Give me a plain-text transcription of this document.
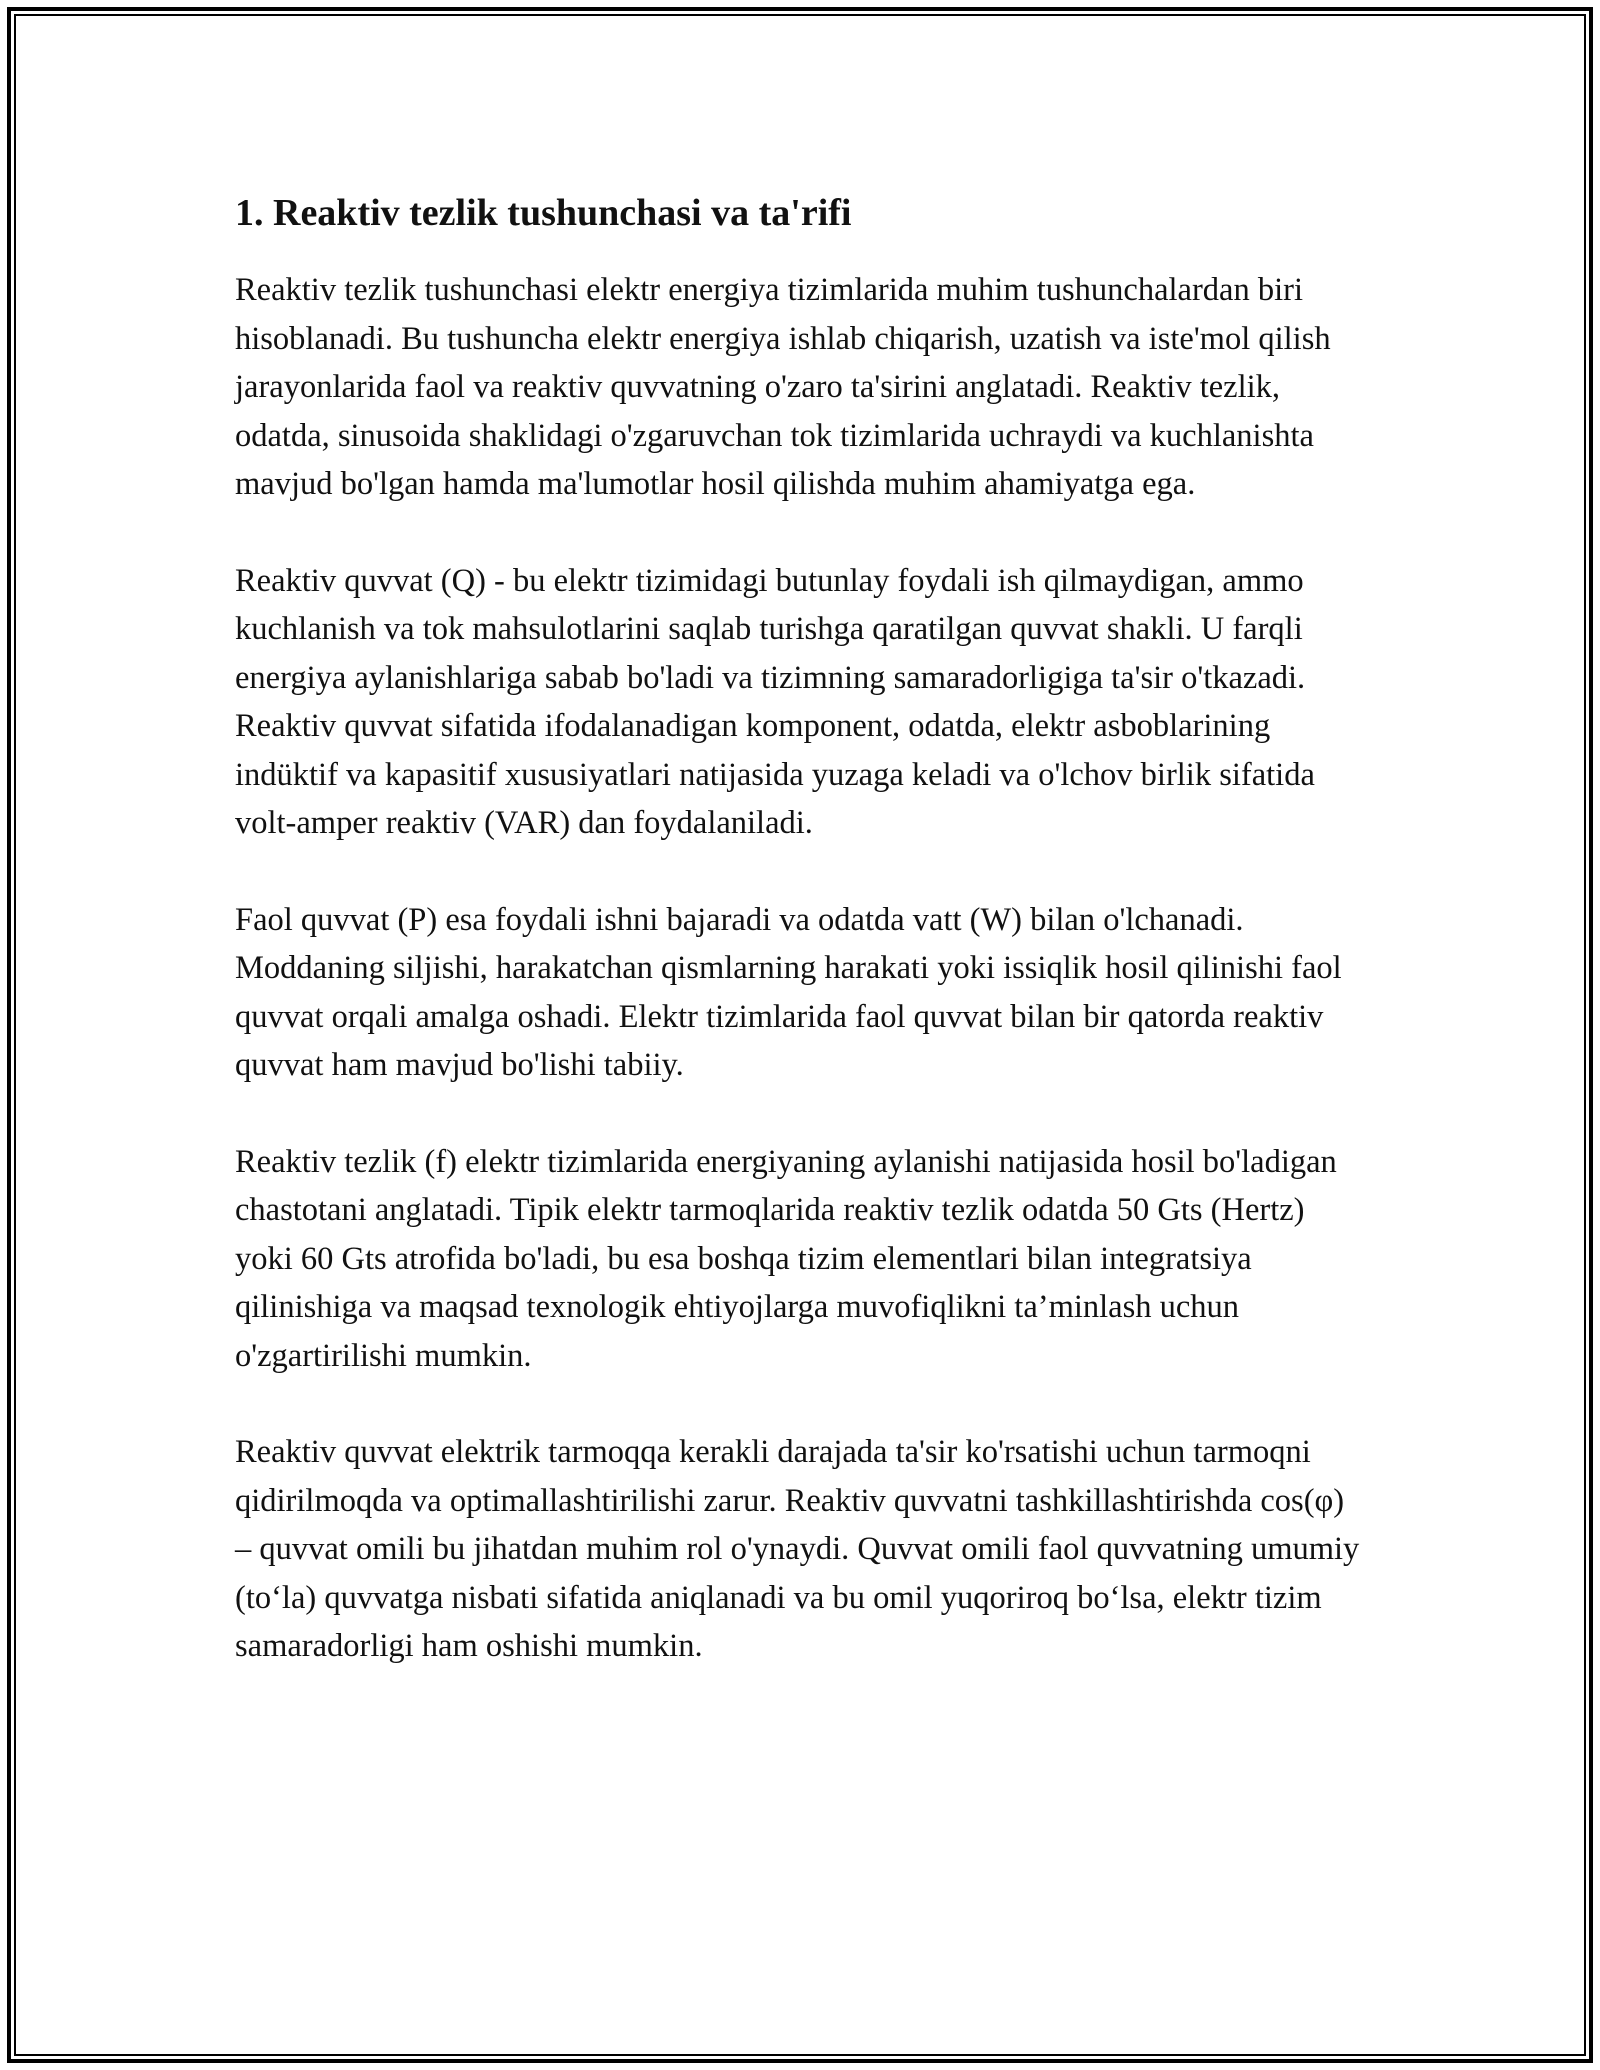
1. Reaktiv tezlik tushunchasi va ta'rifi

Reaktiv tezlik tushunchasi elektr energiya tizimlarida muhim tushunchalardan biri hisoblanadi. Bu tushuncha elektr energiya ishlab chiqarish, uzatish va iste'mol qilish jarayonlarida faol va reaktiv quvvatning o'zaro ta'sirini anglatadi. Reaktiv tezlik, odatda, sinusoida shaklidagi o'zgaruvchan tok tizimlarida uchraydi va kuchlanishta mavjud bo'lgan hamda ma'lumotlar hosil qilishda muhim ahamiyatga ega.

Reaktiv quvvat (Q) - bu elektr tizimidagi butunlay foydali ish qilmaydigan, ammo kuchlanish va tok mahsulotlarini saqlab turishga qaratilgan quvvat shakli. U farqli energiya aylanishlariga sabab bo'ladi va tizimning samaradorligiga ta'sir o'tkazadi. Reaktiv quvvat sifatida ifodalanadigan komponent, odatda, elektr asboblarining indüktif va kapasitif xususiyatlari natijasida yuzaga keladi va o'lchov birlik sifatida volt-amper reaktiv (VAR) dan foydalaniladi.

Faol quvvat (P) esa foydali ishni bajaradi va odatda vatt (W) bilan o'lchanadi. Moddaning siljishi, harakatchan qismlarning harakati yoki issiqlik hosil qilinishi faol quvvat orqali amalga oshadi. Elektr tizimlarida faol quvvat bilan bir qatorda reaktiv quvvat ham mavjud bo'lishi tabiiy.

Reaktiv tezlik (f) elektr tizimlarida energiyaning aylanishi natijasida hosil bo'ladigan chastotani anglatadi. Tipik elektr tarmoqlarida reaktiv tezlik odatda 50 Gts (Hertz) yoki 60 Gts atrofida bo'ladi, bu esa boshqa tizim elementlari bilan integratsiya qilinishiga va maqsad texnologik ehtiyojlarga muvofiqlikni ta’minlash uchun o'zgartirilishi mumkin.

Reaktiv quvvat elektrik tarmoqqa kerakli darajada ta'sir ko'rsatishi uchun tarmoqni qidirilmoqda va optimallashtirilishi zarur. Reaktiv quvvatni tashkillashtirishda cos(φ) – quvvat omili bu jihatdan muhim rol o'ynaydi. Quvvat omili faol quvvatning umumiy (to‘la) quvvatga nisbati sifatida aniqlanadi va bu omil yuqoriroq bo‘lsa, elektr tizim samaradorligi ham oshishi mumkin.
